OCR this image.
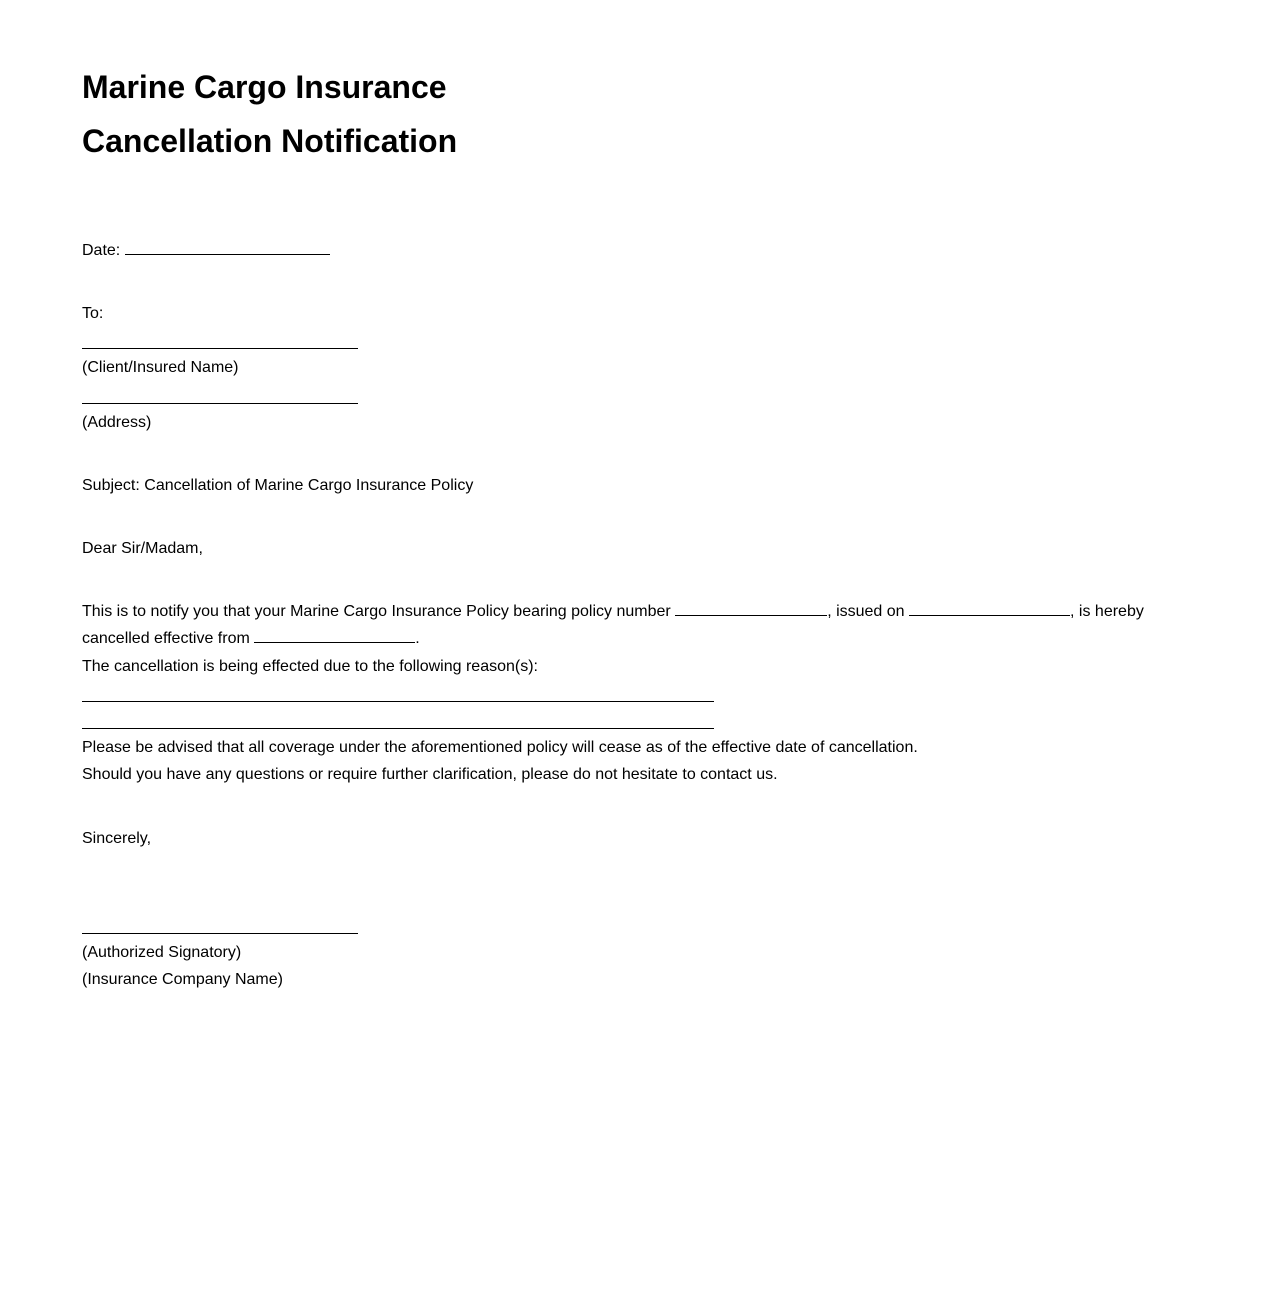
Marine Cargo Insurance
Cancellation Notification
Date:
To:
(Client/Insured Name)
(Address)
Subject: Cancellation of Marine Cargo Insurance Policy
Dear Sir/Madam,
This is to notify you that your Marine Cargo Insurance Policy bearing policy number	, issued on	, is hereby
cancelled effective from	.
The cancellation is being effected due to the following reason(s):
Please be advised that all coverage under the aforementioned policy will cease as of the effective date of cancellation.
Should you have any questions or require further clarification, please do not hesitate to contact us.
Sincerely,
(Authorized Signatory)
(Insurance Company Name)
